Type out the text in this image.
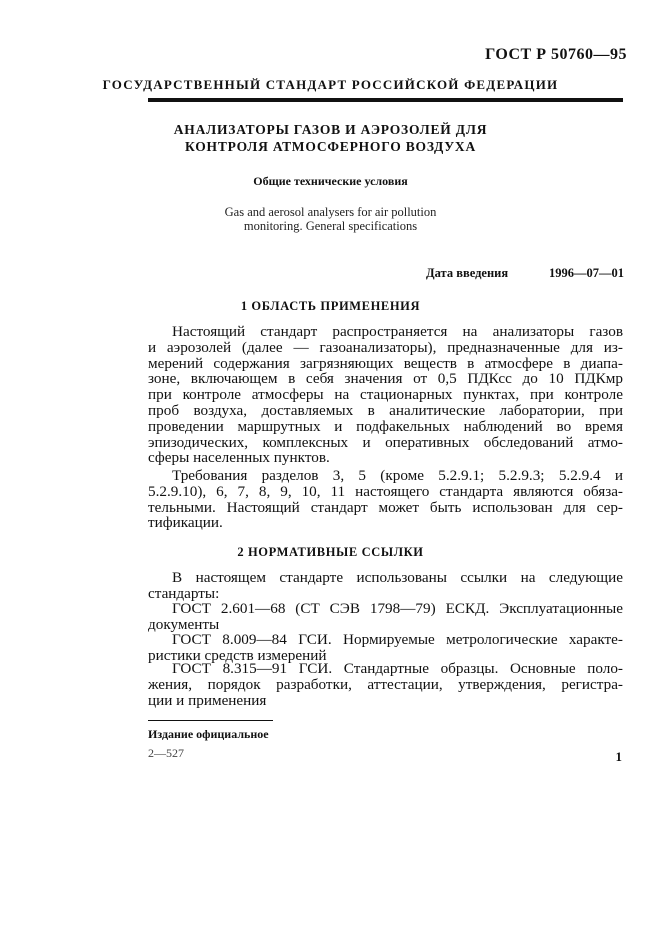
ГОСТ Р 50760—95
ГОСУДАРСТВЕННЫЙ СТАНДАРТ РОССИЙСКОЙ ФЕДЕРАЦИИ
АНАЛИЗАТОРЫ ГАЗОВ И АЭРОЗОЛЕЙ ДЛЯ
КОНТРОЛЯ АТМОСФЕРНОГО ВОЗДУХА
Общие технические условия
Gas and aerosol analysers for air pollution
monitoring. General specifications
Дата введения	1996—07—01
1 ОБЛАСТЬ ПРИМЕНЕНИЯ
Настоящий стандарт распространяется на анализаторы газов
и аэрозолей (далее — газоанализаторы), предназначенные для из-
мерений содержания загрязняющих веществ в атмосфере в диапа-
зоне, включающем в себя значения от 0,5 ПДКсс до 10 ПДКмр
при контроле атмосферы на стационарных пунктах, при контроле
проб воздуха, доставляемых в аналитические лаборатории, при
проведении маршрутных и подфакельных наблюдений во время
эпизодических, комплексных и оперативных обследований атмо-
сферы населенных пунктов.
Требования разделов 3, 5 (кроме 5.2.9.1; 5.2.9.3; 5.2.9.4 и
5.2.9.10), 6, 7, 8, 9, 10, 11 настоящего стандарта являются обяза-
тельными. Настоящий стандарт может быть использован для сер-
тификации.
2 НОРМАТИВНЫЕ ССЫЛКИ
В настоящем стандарте использованы ссылки на следующие
стандарты:
ГОСТ 2.601—68 (СТ СЭВ 1798—79) ЕСКД. Эксплуатационные
документы
ГОСТ 8.009—84 ГСИ. Нормируемые метрологические характе-
ристики средств измерений
ГОСТ 8.315—91 ГСИ. Стандартные образцы. Основные поло-
жения, порядок разработки, аттестации, утверждения, регистра-
ции и применения
Издание официальное
2—527	1
